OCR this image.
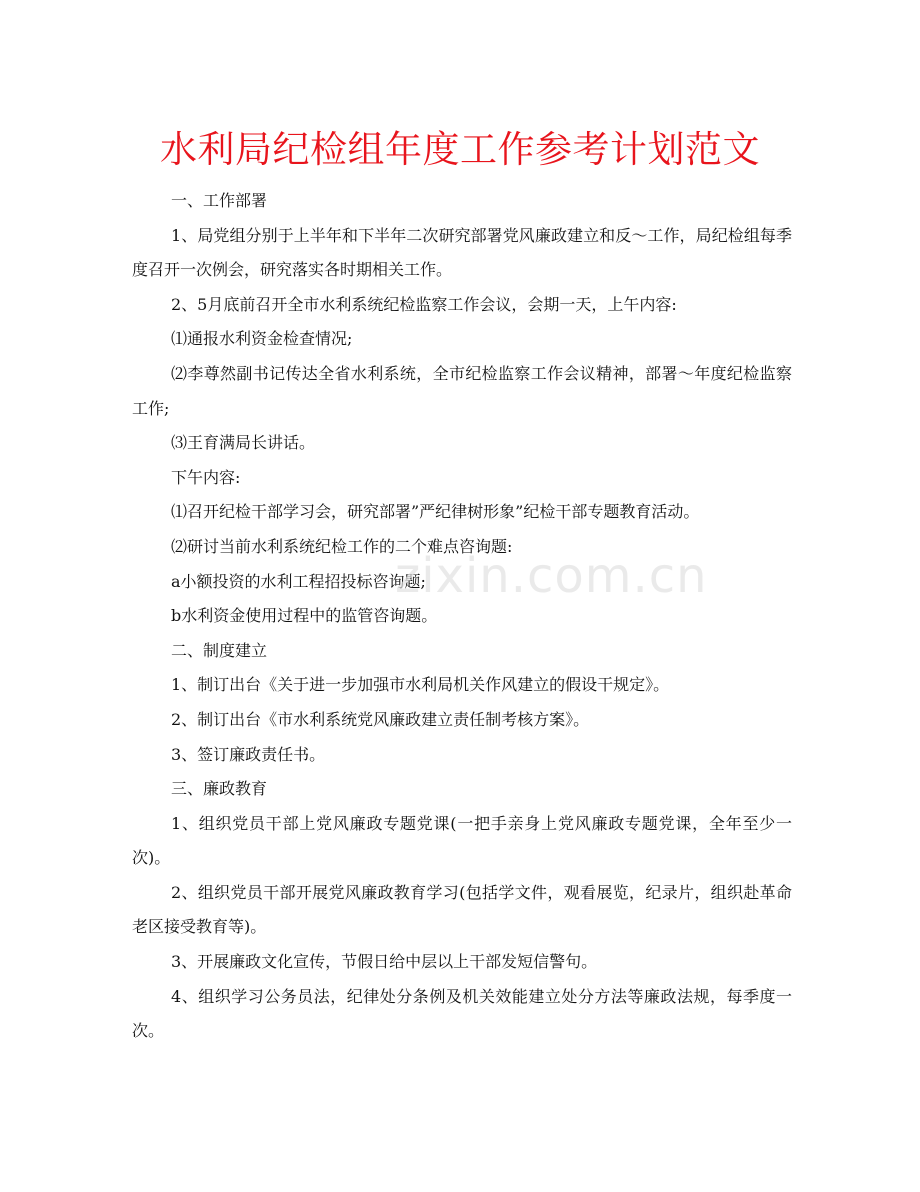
水利局纪检组年度工作参考计划范文

一、工作部署

1、局党组分别于上半年和下半年二次研究部署党风廉政建立和反～工作，局纪检组每季度召开一次例会，研究落实各时期相关工作。

2、5月底前召开全市水利系统纪检监察工作会议，会期一天，上午内容:

⑴通报水利资金检查情况;

⑵李尊然副书记传达全省水利系统，全市纪检监察工作会议精神，部署～年度纪检监察工作;

⑶王育满局长讲话。

下午内容:

⑴召开纪检干部学习会，研究部署”严纪律树形象”纪检干部专题教育活动。

⑵研讨当前水利系统纪检工作的二个难点咨询题:

a小额投资的水利工程招投标咨询题;

b水利资金使用过程中的监管咨询题。

二、制度建立

1、制订出台《关于进一步加强市水利局机关作风建立的假设干规定》。

2、制订出台《市水利系统党风廉政建立责任制考核方案》。

3、签订廉政责任书。

三、廉政教育

1、组织党员干部上党风廉政专题党课(一把手亲身上党风廉政专题党课，全年至少一次)。

2、组织党员干部开展党风廉政教育学习(包括学文件，观看展览，纪录片，组织赴革命老区接受教育等)。

3、开展廉政文化宣传，节假日给中层以上干部发短信警句。

4、组织学习公务员法，纪律处分条例及机关效能建立处分方法等廉政法规，每季度一次。

zixin.com.cn
